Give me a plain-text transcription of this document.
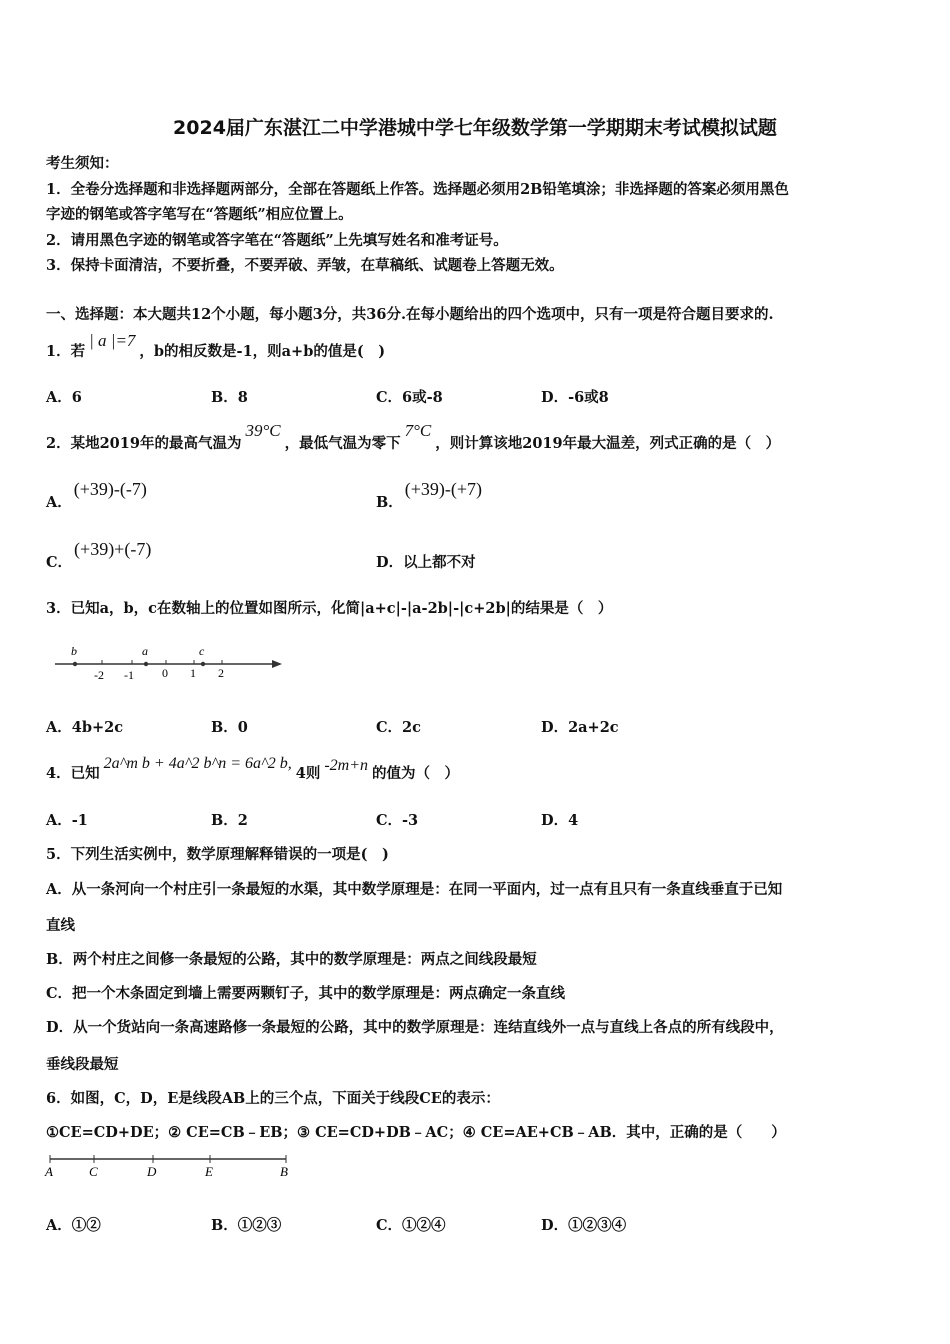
2024届广东湛江二中学港城中学七年级数学第一学期期末考试模拟试题
考生须知：
1．全卷分选择题和非选择题两部分，全部在答题纸上作答。选择题必须用2B铅笔填涂；非选择题的答案必须用黑色
字迹的钢笔或答字笔写在“答题纸”相应位置上。
2．请用黑色字迹的钢笔或答字笔在“答题纸”上先填写姓名和准考证号。
3．保持卡面清洁，不要折叠，不要弄破、弄皱，在草稿纸、试题卷上答题无效。
一、选择题：本大题共12个小题，每小题3分，共36分.在每小题给出的四个选项中，只有一项是符合题目要求的.
1．若| a |=7，b的相反数是-1，则a+b的值是(　)
A．6	B．8	C．6或-8	D．-6或8
2．某地2019年的最高气温为39°C，最低气温为零下7°C，则计算该地2019年最大温差，列式正确的是（　）
A．(+39)-(-7)
B．(+39)-(+7)
C．(+39)+(-7)
D．以上都不对
3．已知a，b，c在数轴上的位置如图所示，化简|a+c|-|a-2b|-|c+2b|的结果是（　）
-2 -1 0 1 2
b	a	c
A．4b+2c	B．0	C．2c	D．2a+2c
4．已知2a^m b + 4a^2 b^n = 6a^2 b,4则 -2m+n 的值为（　）
A．-1	B．2	C．-3	D．4
5．下列生活实例中，数学原理解释错误的一项是(　)
A．从一条河向一个村庄引一条最短的水渠，其中数学原理是：在同一平面内，过一点有且只有一条直线垂直于已知
直线
B．两个村庄之间修一条最短的公路，其中的数学原理是：两点之间线段最短
C．把一个木条固定到墙上需要两颗钉子，其中的数学原理是：两点确定一条直线
D．从一个货站向一条高速路修一条最短的公路，其中的数学原理是：连结直线外一点与直线上各点的所有线段中，
垂线段最短
6．如图，C，D，E是线段AB上的三个点，下面关于线段CE的表示：
①CE=CD+DE；② CE=CB﹣EB；③ CE=CD+DB﹣AC；④ CE=AE+CB﹣AB．其中，正确的是（　　）
A	C	D	E	B
A．①②	B．①②③	C．①②④	D．①②③④
